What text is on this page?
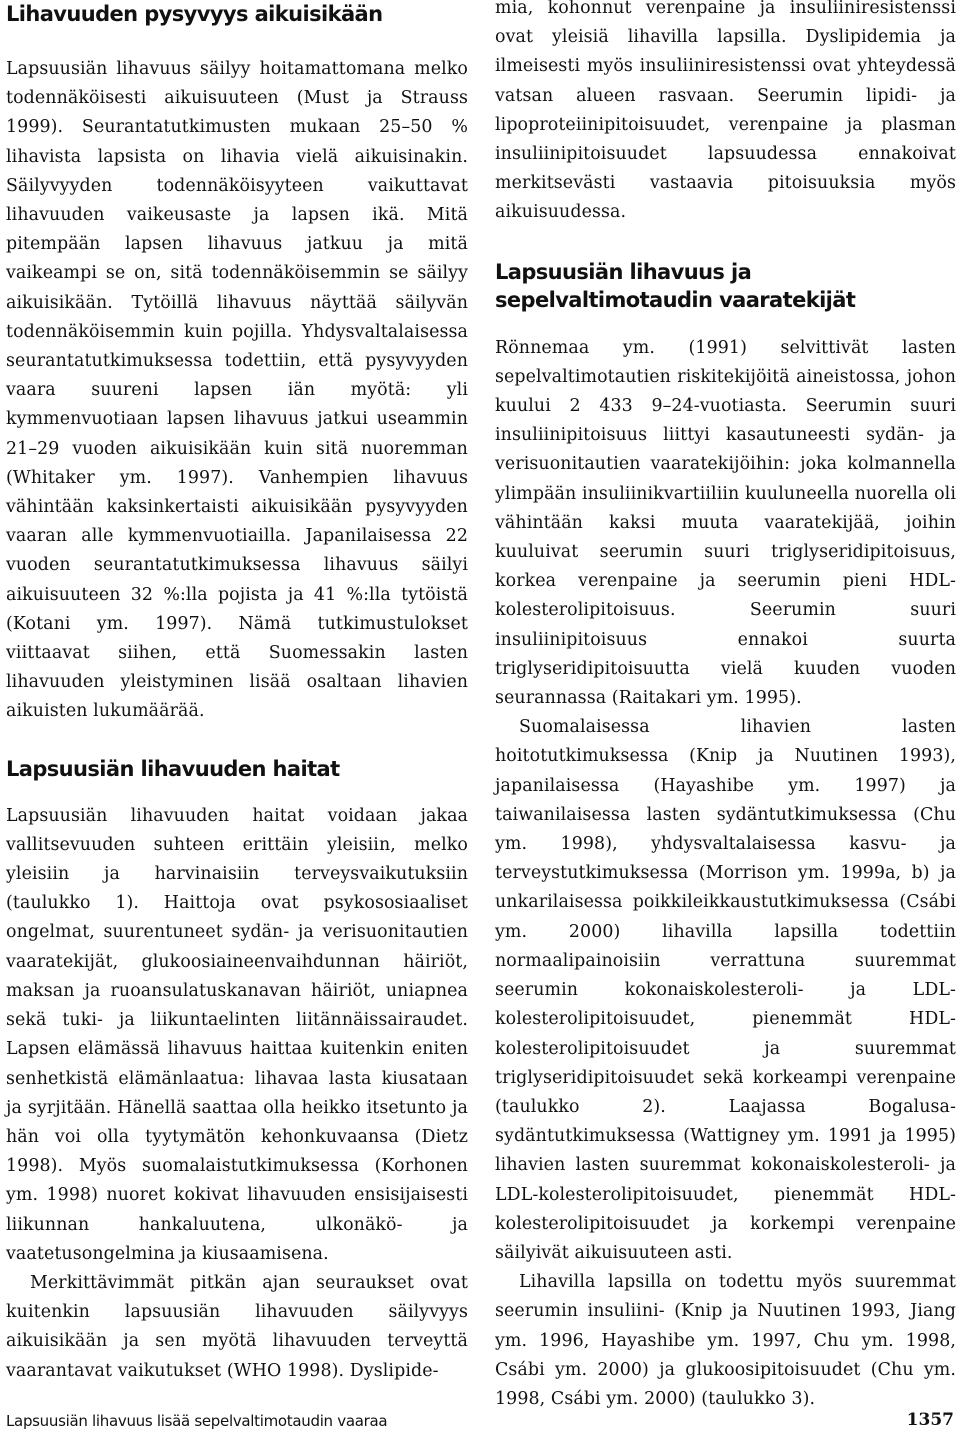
Lihavuuden pysyvyys aikuisikään

Lapsuusiän lihavuus säilyy hoitamattomana melko todennäköisesti aikuisuuteen (Must ja Strauss 1999). Seurantatutkimusten mukaan 25–50 % lihavista lapsista on lihavia vielä aikuisinakin. Säilyvyyden todennäköisyyteen vaikuttavat lihavuuden vaikeusaste ja lapsen ikä. Mitä pitempään lapsen lihavuus jatkuu ja mitä vaikeampi se on, sitä todennäköisemmin se säilyy aikuisikään. Tytöillä lihavuus näyttää säilyvän todennäköisemmin kuin pojilla. Yhdysvaltalaisessa seurantatutkimuksessa todettiin, että pysyvyyden vaara suureni lapsen iän myötä: yli kymmenvuotiaan lapsen lihavuus jatkui useammin 21–29 vuoden aikuisikään kuin sitä nuoremman (Whitaker ym. 1997). Vanhempien lihavuus vähintään kaksinkertaisti aikuisikään pysyvyyden vaaran alle kymmenvuotiailla. Japanilaisessa 22 vuoden seurantatutkimuksessa lihavuus säilyi aikuisuuteen 32 %:lla pojista ja 41 %:lla tytöistä (Kotani ym. 1997). Nämä tutkimustulokset viittaavat siihen, että Suomessakin lasten lihavuuden yleistyminen lisää osaltaan lihavien aikuisten lukumäärää.

Lapsuusiän lihavuuden haitat

Lapsuusiän lihavuuden haitat voidaan jakaa vallitsevuuden suhteen erittäin yleisiin, melko yleisiin ja harvinaisiin terveysvaikutuksiin (taulukko 1). Haittoja ovat psykososiaaliset ongelmat, suurentuneet sydän- ja verisuonitautien vaaratekijät, glukoosiaineenvaihdunnan häiriöt, maksan ja ruoansulatuskanavan häiriöt, uniapnea sekä tuki- ja liikuntaelinten liitännäissairaudet. Lapsen elämässä lihavuus haittaa kuitenkin eniten senhetkistä elämänlaatua: lihavaa lasta kiusataan ja syrjitään. Hänellä saattaa olla heikko itsetunto ja hän voi olla tyytymätön kehonkuvaansa (Dietz 1998). Myös suomalaistutkimuksessa (Korhonen ym. 1998) nuoret kokivat lihavuuden ensisijaisesti liikunnan hankaluutena, ulkonäkö- ja vaatetusongelmina ja kiusaamisena.

Merkittävimmät pitkän ajan seuraukset ovat kuitenkin lapsuusiän lihavuuden säilyvyys aikuisikään ja sen myötä lihavuuden terveyttä vaarantavat vaikutukset (WHO 1998). Dyslipide-

mia, kohonnut verenpaine ja insuliiniresistenssi ovat yleisiä lihavilla lapsilla. Dyslipidemia ja ilmeisesti myös insuliiniresistenssi ovat yhteydessä vatsan alueen rasvaan. Seerumin lipidi- ja lipoproteiinipitoisuudet, verenpaine ja plasman insuliinipitoisuudet lapsuudessa ennakoivat merkitsevästi vastaavia pitoisuuksia myös aikuisuudessa.

Lapsuusiän lihavuus ja
sepelvaltimotaudin vaaratekijät

Rönnemaa ym. (1991) selvittivät lasten sepelvaltimotautien riskitekijöitä aineistossa, johon kuului 2 433 9–24-vuotiasta. Seerumin suuri insuliinipitoisuus liittyi kasautuneesti sydän- ja verisuonitautien vaaratekijöihin: joka kolmannella ylimpään insuliinikvartiiliin kuuluneella nuorella oli vähintään kaksi muuta vaaratekijää, joihin kuuluivat seerumin suuri triglyseridipitoisuus, korkea verenpaine ja seerumin pieni HDL-kolesterolipitoisuus. Seerumin suuri insuliinipitoisuus ennakoi suurta triglyseridipitoisuutta vielä kuuden vuoden seurannassa (Raitakari ym. 1995).

Suomalaisessa lihavien lasten hoitotutkimuksessa (Knip ja Nuutinen 1993), japanilaisessa (Hayashibe ym. 1997) ja taiwanilaisessa lasten sydäntutkimuksessa (Chu ym. 1998), yhdysvaltalaisessa kasvu- ja terveystutkimuksessa (Morrison ym. 1999a, b) ja unkarilaisessa poikkileikkaustutkimuksessa (Csábi ym. 2000) lihavilla lapsilla todettiin normaalipainoisiin verrattuna suuremmat seerumin kokonaiskolesteroli- ja LDL-kolesterolipitoisuudet, pienemmät HDL-kolesterolipitoisuudet ja suuremmat triglyseridipitoisuudet sekä korkeampi verenpaine (taulukko 2). Laajassa Bogalusa-sydäntutkimuksessa (Wattigney ym. 1991 ja 1995) lihavien lasten suuremmat kokonaiskolesteroli- ja LDL-kolesterolipitoisuudet, pienemmät HDL-kolesterolipitoisuudet ja korkempi verenpaine säilyivät aikuisuuteen asti.

Lihavilla lapsilla on todettu myös suuremmat seerumin insuliini- (Knip ja Nuutinen 1993, Jiang ym. 1996, Hayashibe ym. 1997, Chu ym. 1998, Csábi ym. 2000) ja glukoosipitoisuudet (Chu ym. 1998, Csábi ym. 2000) (taulukko 3).

Lapsuusiän lihavuus lisää sepelvaltimotaudin vaaraa	1357
